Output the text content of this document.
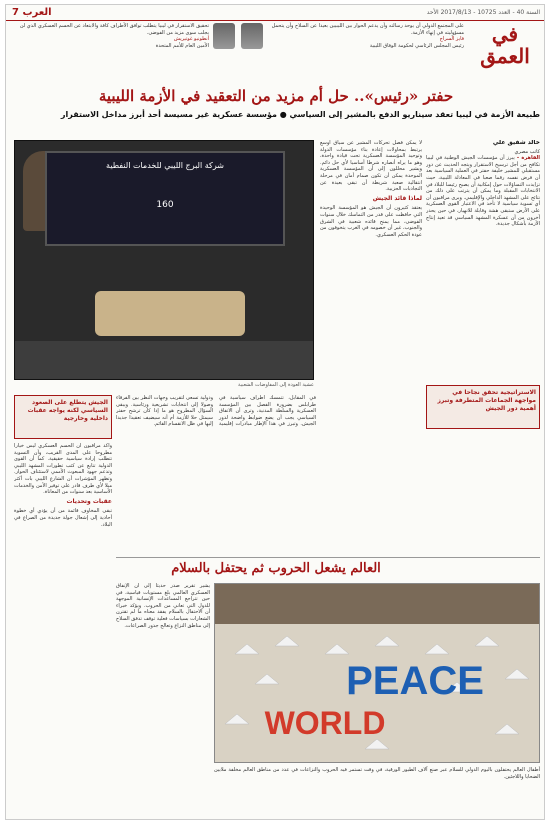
العرب 7	السنة 40 - العدد 10725 - 2017/8/13 الأحد
في العمق
على المجتمع الدولي أن يوحد رسالته وأن يدعم الحوار بين الليبيين بعيدا عن السلاح وأن يتحمل مسؤوليته في إنهاء الأزمة.
فايز السراج
رئيس المجلس الرئاسي لحكومة الوفاق الليبية
تحقيق الاستقرار في ليبيا يتطلب توافق الأطراف كافة والابتعاد عن الحسم العسكري الذي لن يجلب سوى مزيد من الفوضى.
أنطونيو غوتيريش
الأمين العام للأمم المتحدة
حفتر «رئيس».. حل أم مزيد من التعقيد في الأزمة الليبية
طبيعة الأزمة في ليبيا تعقد سيناريو الدفع بالمشير إلى السياسي ● مؤسسة عسكرية غير مسيسة أحد أبرز مداخل الاستقرار
شركة البرج الليبي للخدمات النفطية
160
عشية العودة إلى المفاوضات الشعبية
خالد شفيق علي
كاتب مصري

القاهرة – يبرز أن مؤسسات الجيش الوطنية في ليبيا تكافح من أجل ترسيخ الاستقرار ويتجه الحديث عن دور مستقبلي للمشير خليفة حفتر في العملية السياسية بعد أن فرض نفسه رقما صعبا في المعادلة الليبية، حيث تزايدت التساؤلات حول إمكانية أن يصبح رئيسا للبلاد في الانتخابات المقبلة وما يمكن أن يترتب على ذلك من نتائج على المشهد الداخلي والإقليمي. ويرى مراقبون أن أي تسوية سياسية لا تأخذ في الاعتبار القوى العسكرية على الأرض ستبقى هشة وقابلة للانهيار، في حين يحذر آخرون من أن عسكرة المشهد السياسي قد تعيد إنتاج الأزمة بأشكال جديدة.

الاستراتيجية تحقق نجاحا في مواجهة الجماعات المتطرفة وتبرز أهمية دور الجيش

لا يمكن فصل تحركات المشير عن سياق أوسع يرتبط بمحاولات إعادة بناء مؤسسات الدولة وتوحيد المؤسسة العسكرية تحت قيادة واحدة، وهو ما يراه أنصاره شرطا أساسيا لأي حل دائم. ويشير محللون إلى أن المؤسسة العسكرية الموحدة يمكن أن تكون صمام أمان في مرحلة انتقالية صعبة شريطة أن تبقى بعيدة عن التجاذبات الحزبية.

لماذا قائد الجيش

يعتقد كثيرون أن الجيش هو المؤسسة الوحيدة التي حافظت على قدر من التماسك خلال سنوات الفوضى، مما يمنح قائده شعبية في الشرق والجنوب، غير أن خصومه في الغرب يتخوفون من عودة الحكم العسكري.

في المقابل، تتمسك أطراف سياسية في طرابلس بضرورة الفصل بين المؤسسة العسكرية والسلطة المدنية، وترى أن الاتفاق السياسي يجب أن يضع ضوابط واضحة لدور الجيش. وتبرز في هذا الإطار مبادرات إقليمية ودولية تسعى لتقريب وجهات النظر بين الفرقاء وصولا إلى انتخابات تشريعية ورئاسية. ويبقى السؤال المطروح هو ما إذا كان ترشح حفتر سيمثل حلا للأزمة أم أنه سيضيف تعقيدا جديدا إليها في ظل الانقسام القائم.

الجيش يتطلع على الصعود السياسي لكنه يواجه عقبات داخلية وخارجية

وأكد مراقبون أن الحسم العسكري ليس خيارا مطروحا على المدى القريب، وأن التسوية تتطلب إرادة سياسية حقيقية. كما أن القوى الدولية تتابع عن كثب تطورات المشهد الليبي وتدعم جهود المبعوث الأممي لاستئناف الحوار. وتظهر المؤشرات أن الشارع الليبي بات أكثر ميلا لأي طرف قادر على توفير الأمن والخدمات الأساسية بعد سنوات من المعاناة.

عقبات وتحديات

تبقى المخاوف قائمة من أن يؤدي أي خطوة أحادية إلى إشعال جولة جديدة من الصراع في البلاد.

العالم يشعل الحروب ثم يحتفل بالسلام

يشير تقرير صدر حديثا إلى أن الإنفاق العسكري العالمي بلغ مستويات قياسية، في حين تتراجع المساعدات الإنسانية الموجهة للدول التي تعاني من الحروب. ويؤكد خبراء أن الاحتفال بالسلام يفقد معناه ما لم تقترن الشعارات بسياسات فعلية توقف تدفق السلاح إلى مناطق النزاع وتعالج جذور الصراعات.

PEACE
WORLD
أطفال العالم يحتفلون باليوم الدولي للسلام عبر صنع آلاف الطيور الورقية، في وقت تستمر فيه الحروب والنزاعات في عدد من مناطق العالم مخلفة ملايين الضحايا واللاجئين.
